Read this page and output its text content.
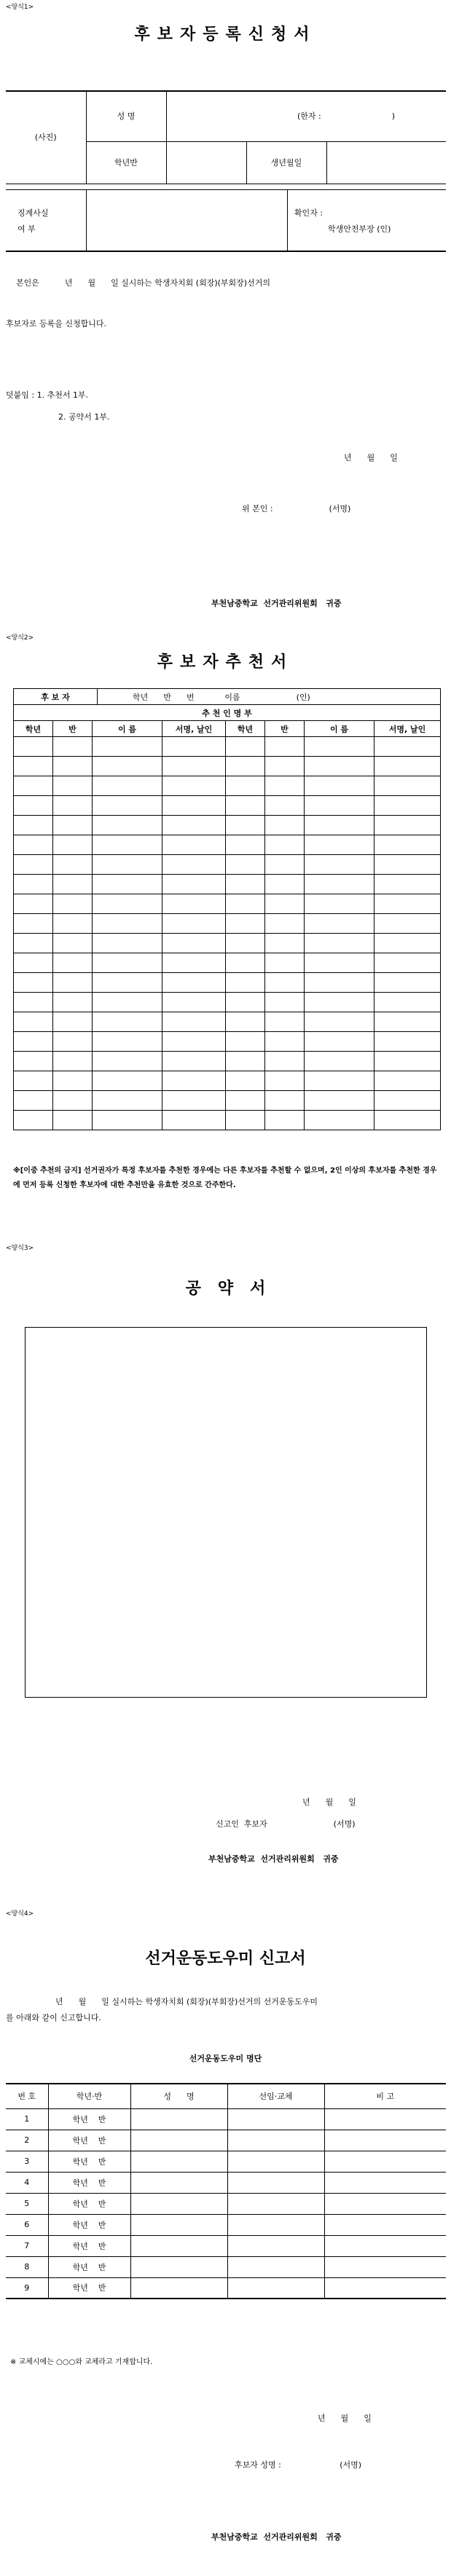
<양식1>
후보자등록신청서
(사진)	성 명	(한자 : )		
	학년반		생년월일	
징계사실
여 부
확인자 :
학생안전부장 (인)
본인은          년      월      일 실시하는 학생자치회 (회장)(부회장)선거의
후보자로 등록을 신청합니다.
덧붙임 : 1. 추천서 1부.
2. 공약서 1부.
년      월      일
위 본인 :                      (서명)
부천남중학교  선거관리위원회   귀중
<양식2>
후보자추천서
후 보 자	학년      반      번            이름                      (인)
추 천 인 명 부
학년	반	이 름	서명, 날인	학년	반	이 름	서명, 날인

※[이중 추천의 금지] 선거권자가 특정 후보자를 추천한 경우에는 다른 후보자를 추천할 수 없으며, 2인 이상의 후보자를 추천한 경우에 먼저 등록 신청한 후보자에 대한 추천만을 유효한 것으로 간주한다.
<양식3>
공   약   서
년      월      일
신고인  후보자                          (서명)
부천남중학교  선거관리위원회   귀중
<양식4>
선거운동도우미 신고서
년      월      일 실시하는 학생자치회 (회장)(부회장)선거의 선거운동도우미
를 아래와 같이 신고합니다.
선거운동도우미 명단
번 호	학년·반	성      명	선임·교체	비 고
1	학년    반			
2	학년    반			
3	학년    반			
4	학년    반			
5	학년    반			
6	학년    반			
7	학년    반			
8	학년    반			
9	학년    반			
※ 교체시에는 ○○○와 교체라고 기재합니다.
년      월      일
후보자 성명 :                       (서명)
부천남중학교  선거관리위원회   귀중
